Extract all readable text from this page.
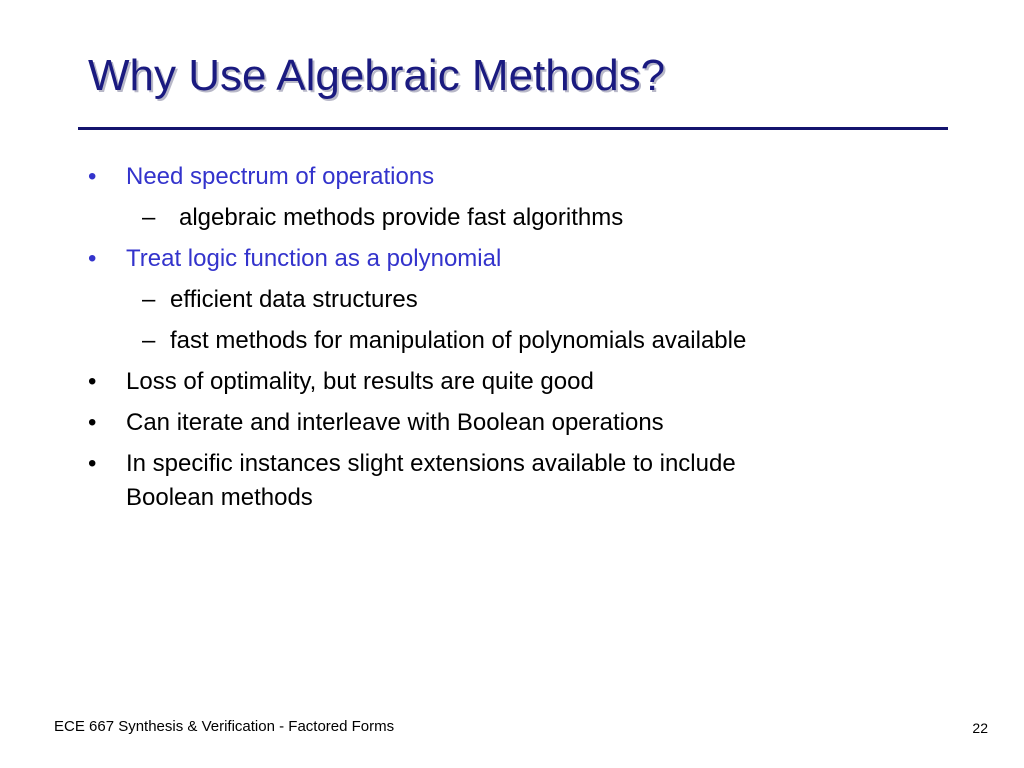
Why Use Algebraic Methods?
• Need spectrum of operations
– algebraic methods provide fast algorithms
• Treat logic function as a polynomial
– efficient data structures
– fast methods for manipulation of polynomials available
• Loss of optimality, but results are quite good
• Can iterate and interleave with Boolean operations
• In specific instances slight extensions available to include
Boolean methods
ECE 667 Synthesis & Verification - Factored Forms	22
